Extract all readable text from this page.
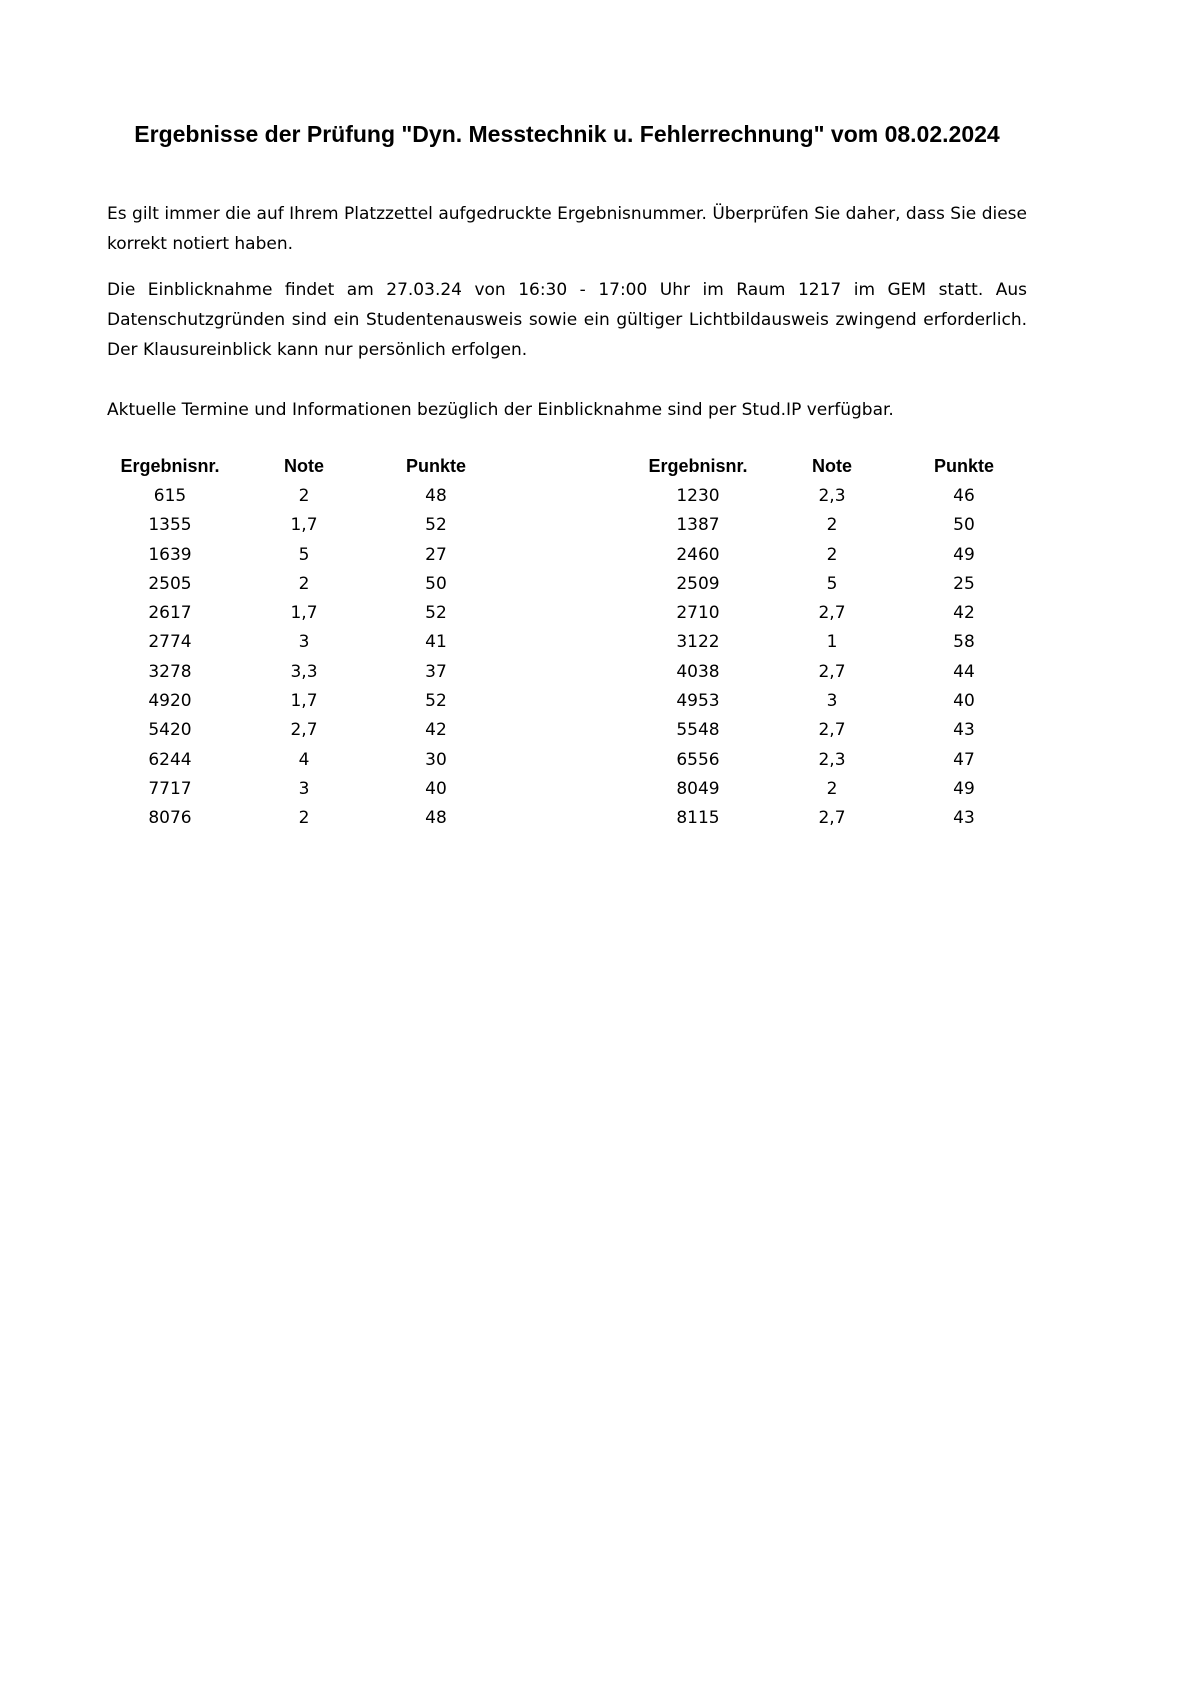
Ergebnisse der Prüfung "Dyn. Messtechnik u. Fehlerrechnung" vom 08.02.2024

Es gilt immer die auf Ihrem Platzzettel aufgedruckte Ergebnisnummer. Überprüfen Sie daher, dass Sie diese korrekt notiert haben.

Die Einblicknahme findet am 27.03.24 von 16:30 - 17:00 Uhr im Raum 1217 im GEM statt. Aus Datenschutzgründen sind ein Studentenausweis sowie ein gültiger Lichtbildausweis zwingend erforderlich. Der Klausureinblick kann nur persönlich erfolgen.

Aktuelle Termine und Informationen bezüglich der Einblicknahme sind per Stud.IP verfügbar.

Ergebnisnr.	Note	Punkte
615	2	48
1355	1,7	52
1639	5	27
2505	2	50
2617	1,7	52
2774	3	41
3278	3,3	37
4920	1,7	52
5420	2,7	42
6244	4	30
7717	3	40
8076	2	48
Ergebnisnr.	Note	Punkte
1230	2,3	46
1387	2	50
2460	2	49
2509	5	25
2710	2,7	42
3122	1	58
4038	2,7	44
4953	3	40
5548	2,7	43
6556	2,3	47
8049	2	49
8115	2,7	43
